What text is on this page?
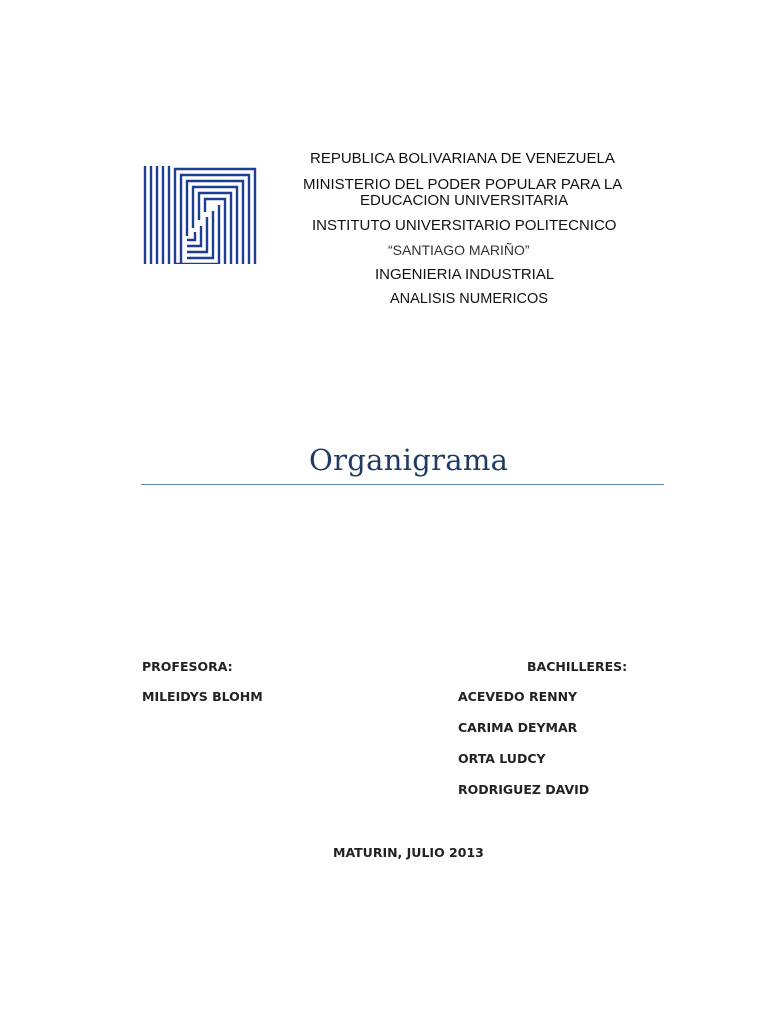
REPUBLICA BOLIVARIANA DE VENEZUELA
MINISTERIO DEL PODER POPULAR PARA LA
EDUCACION UNIVERSITARIA
INSTITUTO UNIVERSITARIO POLITECNICO
“SANTIAGO MARIÑO”
INGENIERIA INDUSTRIAL
ANALISIS NUMERICOS
Organigrama
PROFESORA:
MILEIDYS BLOHM
BACHILLERES:
ACEVEDO RENNY
CARIMA DEYMAR
ORTA LUDCY
RODRIGUEZ DAVID
MATURIN, JULIO 2013
